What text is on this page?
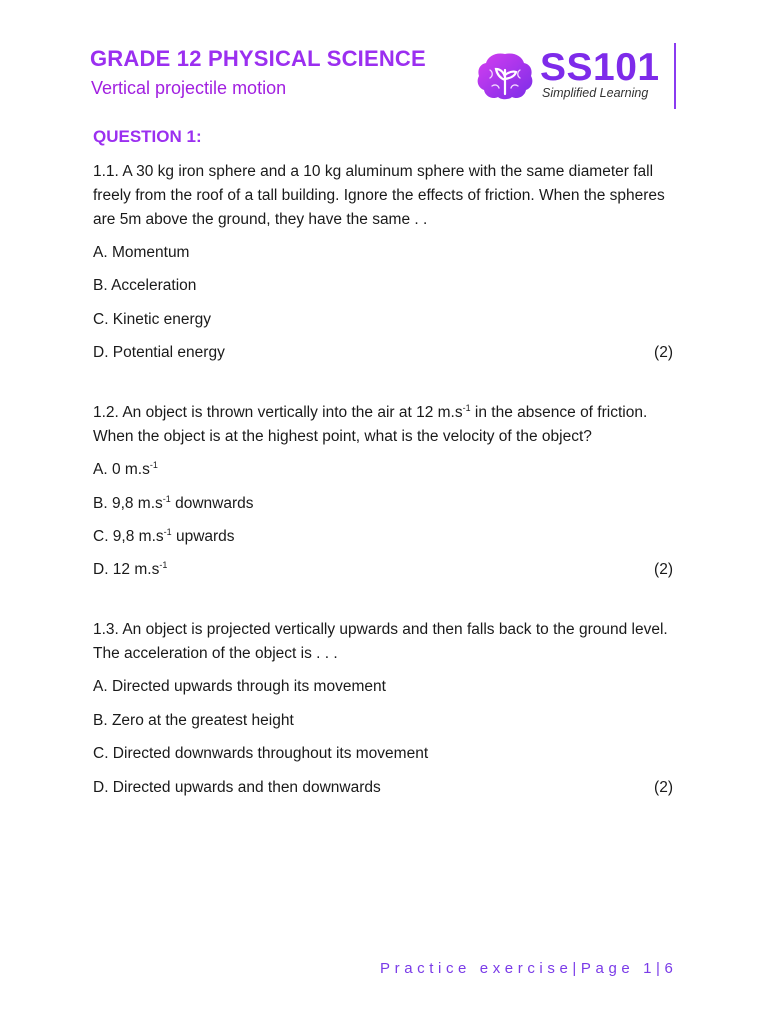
GRADE 12 PHYSICAL SCIENCE
Vertical projectile motion	SS101
Simplified Learning
QUESTION 1:

1.1. A 30 kg iron sphere and a 10 kg aluminum sphere with the same diameter fall freely from the roof of a tall building. Ignore the effects of friction. When the spheres are 5m above the ground, they have the same . .

A. Momentum
B. Acceleration
C. Kinetic energy
D. Potential energy	(2)

1.2. An object is thrown vertically into the air at 12 $m.s^{-1}$ in the absence of friction. When the object is at the highest point, what is the velocity of the object?

A. 0 $m.s^{-1}$
B. 9,8 $m.s^{-1}$ downwards
C. 9,8 $m.s^{-1}$ upwards
D. 12 $m.s^{-1}$	(2)

1.3. An object is projected vertically upwards and then falls back to the ground level. The acceleration of the object is . . .

A. Directed upwards through its movement
B. Zero at the greatest height
C. Directed downwards throughout its movement
D. Directed upwards and then downwards	(2)
Practice exercise|Page 1|6
